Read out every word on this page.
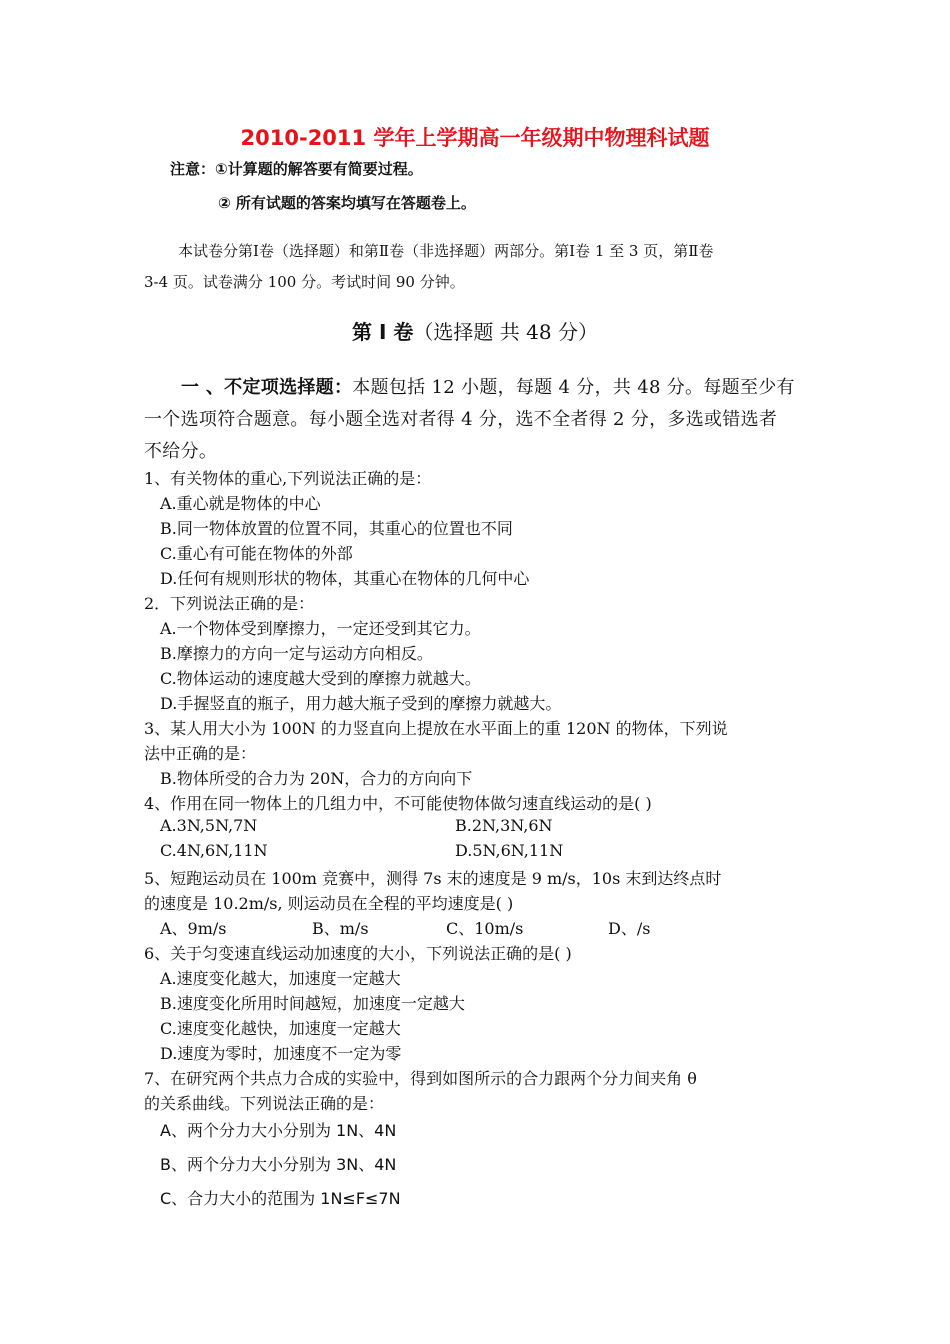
2010-2011 学年上学期高一年级期中物理科试题
注意：①计算题的解答要有简要过程。
② 所有试题的答案均填写在答题卷上。
本试卷分第Ⅰ卷（选择题）和第Ⅱ卷（非选择题）两部分。第Ⅰ卷 1 至 3 页，第Ⅱ卷
3-4 页。试卷满分 100 分。考试时间 90 分钟。
第 I 卷（选择题 共 48 分）
一 、不定项选择题：本题包括 12 小题，每题 4 分，共 48 分。每题至少有
一个选项符合题意。每小题全选对者得 4 分，选不全者得 2 分，多选或错选者
不给分。
1、有关物体的重心,下列说法正确的是：
A.重心就是物体的中心
B.同一物体放置的位置不同，其重心的位置也不同
C.重心有可能在物体的外部
D.任何有规则形状的物体，其重心在物体的几何中心
2．下列说法正确的是：
A.一个物体受到摩擦力，一定还受到其它力。
B.摩擦力的方向一定与运动方向相反。
C.物体运动的速度越大受到的摩擦力就越大。
D.手握竖直的瓶子，用力越大瓶子受到的摩擦力就越大。
3、某人用大小为 100N 的力竖直向上提放在水平面上的重 120N 的物体，下列说
法中正确的是：
B.物体所受的合力为 20N，合力的方向向下
4、作用在同一物体上的几组力中，不可能使物体做匀速直线运动的是( )
A.3N,5N,7N	B.2N,3N,6N
C.4N,6N,11N	D.5N,6N,11N
5、短跑运动员在 100m 竞赛中，测得 7s 末的速度是 9 m/s，10s 末到达终点时
的速度是 10.2m/s, 则运动员在全程的平均速度是( )
A、9m/s	B、m/s	C、10m/s	D、/s
6、关于匀变速直线运动加速度的大小，下列说法正确的是( )
A.速度变化越大，加速度一定越大
B.速度变化所用时间越短，加速度一定越大
C.速度变化越快，加速度一定越大
D.速度为零时，加速度不一定为零
7、在研究两个共点力合成的实验中，得到如图所示的合力跟两个分力间夹角 θ
的关系曲线。下列说法正确的是：
A、两个分力大小分别为 1N、4N
B、两个分力大小分别为 3N、4N
C、合力大小的范围为 1N≤F≤7N
